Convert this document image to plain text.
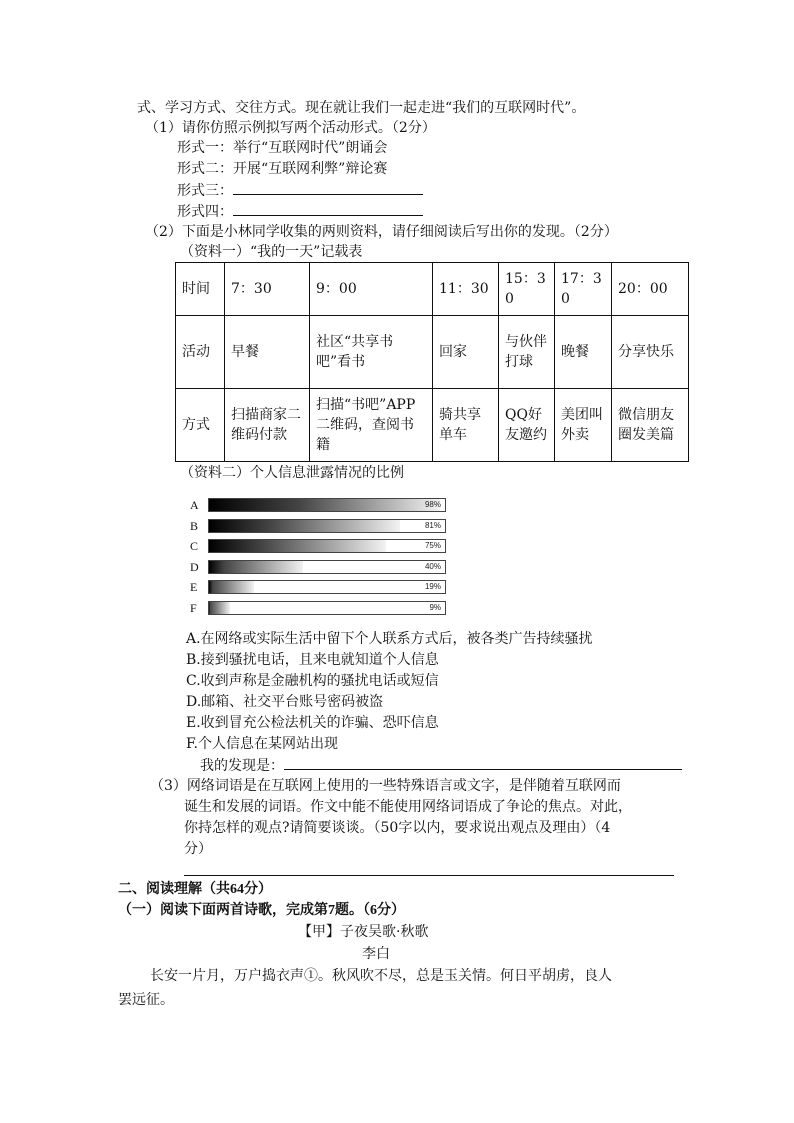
式、学习方式、交往方式。现在就让我们一起走进“我们的互联网时代”。
（1）请你仿照示例拟写两个活动形式。（2分）
形式一：举行“互联网时代”朗诵会
形式二：开展“互联网利弊”辩论赛
形式三：
形式四：
（2）下面是小林同学收集的两则资料，请仔细阅读后写出你的发现。（2分）
（资料一）“我的一天”记载表
时间	7：30	9：00	11：30	15：30	17：30	20：00
活动	早餐	社区“共享书吧”看书	回家	与伙伴打球	晚餐	分享快乐
方式	扫描商家二维码付款	扫描“书吧”APP二维码，查阅书籍	骑共享单车	QQ好友邀约	美团叫外卖	微信朋友圈发美篇
（资料二）个人信息泄露情况的比例
A	98%
B	81%
C	75%
D	40%
E	19%
F	9%
A.在网络或实际生活中留下个人联系方式后，被各类广告持续骚扰
B.接到骚扰电话，且来电就知道个人信息
C.收到声称是金融机构的骚扰电话或短信
D.邮箱、社交平台账号密码被盗
E.收到冒充公检法机关的诈骗、恐吓信息
F.个人信息在某网站出现
我的发现是：
（3）网络词语是在互联网上使用的一些特殊语言或文字，是伴随着互联网而
诞生和发展的词语。作文中能不能使用网络词语成了争论的焦点。对此，
你持怎样的观点?请简要谈谈。（50字以内，要求说出观点及理由）（4
分）
二、阅读理解（共64分）
（一）阅读下面两首诗歌，完成第7题。（6分）
【甲】子夜吴歌·秋歌
李白
长安一片月，万户捣衣声①。秋风吹不尽，总是玉关情。何日平胡虏，良人
罢远征。
